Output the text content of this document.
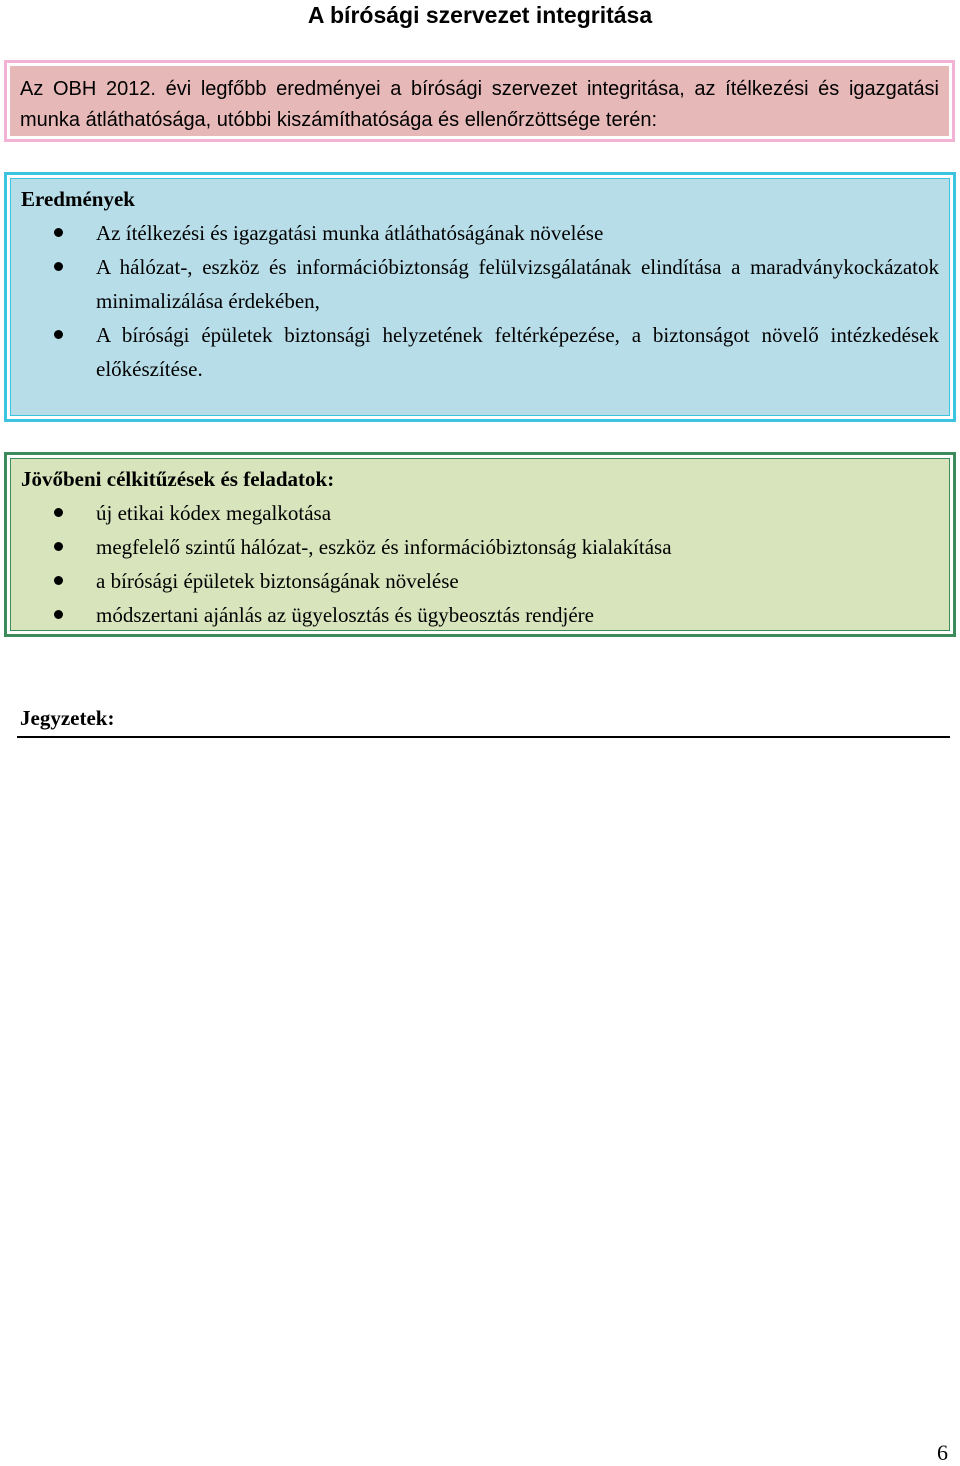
A bírósági szervezet integritása
Az OBH 2012. évi legfőbb eredményei a bírósági szervezet integritása, az ítélkezési és igazgatási munka átláthatósága, utóbbi kiszámíthatósága és ellenőrzöttsége terén:
Eredmények
Az ítélkezési és igazgatási munka átláthatóságának növelése
A hálózat-, eszköz és információbiztonság felülvizsgálatának elindítása a maradványkockázatok minimalizálása érdekében,
A bírósági épületek biztonsági helyzetének feltérképezése, a biztonságot növelő intézkedések előkészítése.
Jövőbeni célkitűzések és feladatok:
új etikai kódex megalkotása
megfelelő szintű hálózat-, eszköz és információbiztonság kialakítása
a bírósági épületek biztonságának növelése
módszertani ajánlás az ügyelosztás és ügybeosztás rendjére
Jegyzetek:
6
